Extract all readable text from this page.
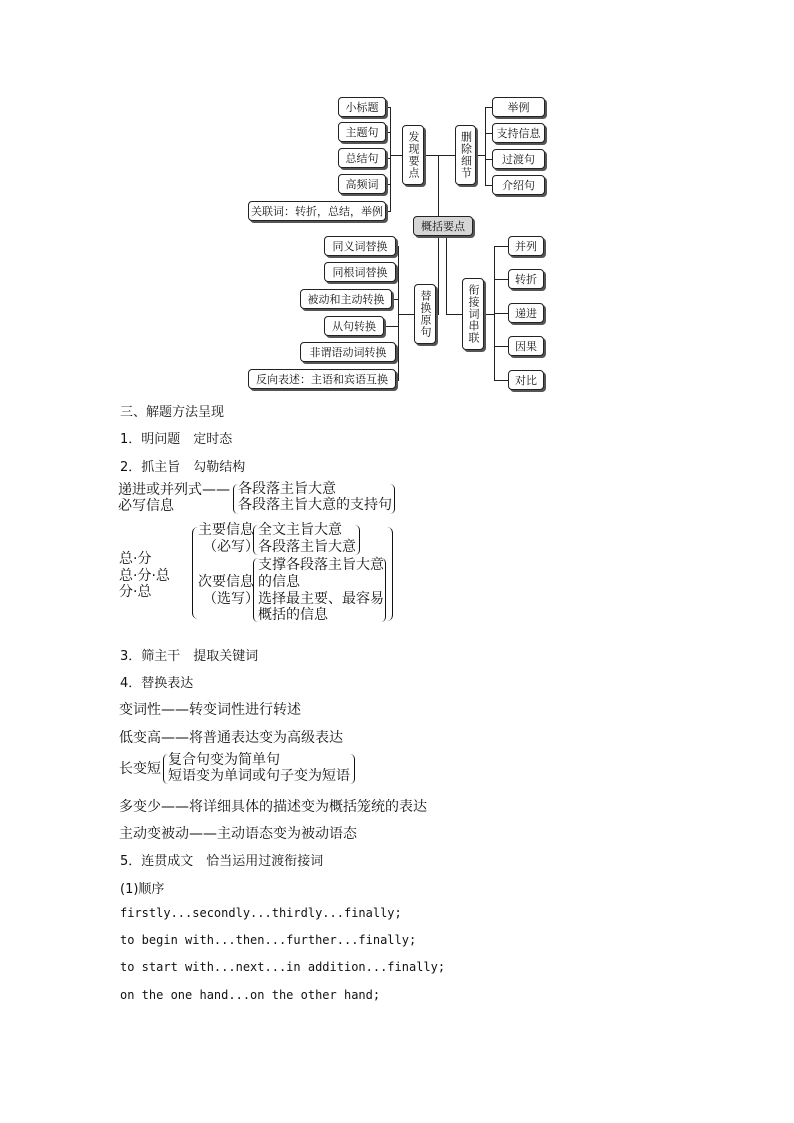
小标题
主题句
总结句
高频词
关联词：转折，总结，举例
发现要点	删除细节
举例
支持信息
过渡句
介绍句
概括要点
同义词替换
同根词替换
被动和主动转换
从句转换
非谓语动词转换
反向表述：主语和宾语互换
替换原句	衔接词串联
并列
转折
递进
因果
对比
三、解题方法呈现
1．明问题　定时态
2．抓主旨　勾勒结构
递进或并列式——
必写信息
各段落主旨大意
各段落主旨大意的支持句
总·分
总·分·总
分·总
主要信息
（必写）
全文主旨大意
各段落主旨大意
次要信息
（选写）
支撑各段落主旨大意
的信息
选择最主要、最容易
概括的信息
3．筛主干　提取关键词
4．替换表达
变词性——转变词性进行转述
低变高——将普通表达变为高级表达
长变短
复合句变为简单句
短语变为单词或句子变为短语
多变少——将详细具体的描述变为概括笼统的表达
主动变被动——主动语态变为被动语态
5．连贯成文　恰当运用过渡衔接词
(1)顺序
firstly...secondly...thirdly...finally;
to begin with...then...further...finally;
to start with...next...in addition...finally;
on the one hand...on the other hand;
